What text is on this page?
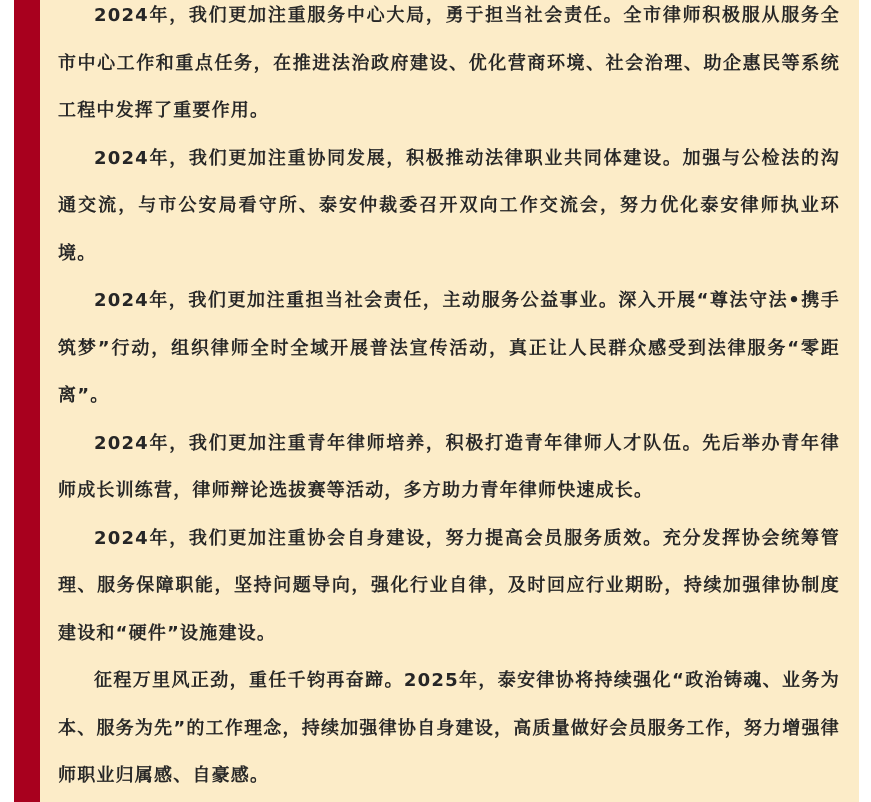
2024年，我们更加注重服务中心大局，勇于担当社会责任。全市律师积极服从服务全市中心工作和重点任务，在推进法治政府建设、优化营商环境、社会治理、助企惠民等系统工程中发挥了重要作用。

2024年，我们更加注重协同发展，积极推动法律职业共同体建设。加强与公检法的沟通交流，与市公安局看守所、泰安仲裁委召开双向工作交流会，努力优化泰安律师执业环境。

2024年，我们更加注重担当社会责任，主动服务公益事业。深入开展“尊法守法•携手筑梦”行动，组织律师全时全域开展普法宣传活动，真正让人民群众感受到法律服务“零距离”。

2024年，我们更加注重青年律师培养，积极打造青年律师人才队伍。先后举办青年律师成长训练营，律师辩论选拔赛等活动，多方助力青年律师快速成长。

2024年，我们更加注重协会自身建设，努力提高会员服务质效。充分发挥协会统筹管理、服务保障职能，坚持问题导向，强化行业自律，及时回应行业期盼，持续加强律协制度建设和“硬件”设施建设。

征程万里风正劲，重任千钧再奋蹄。2025年，泰安律协将持续强化“政治铸魂、业务为本、服务为先”的工作理念，持续加强律协自身建设，高质量做好会员服务工作，努力增强律师职业归属感、自豪感。
